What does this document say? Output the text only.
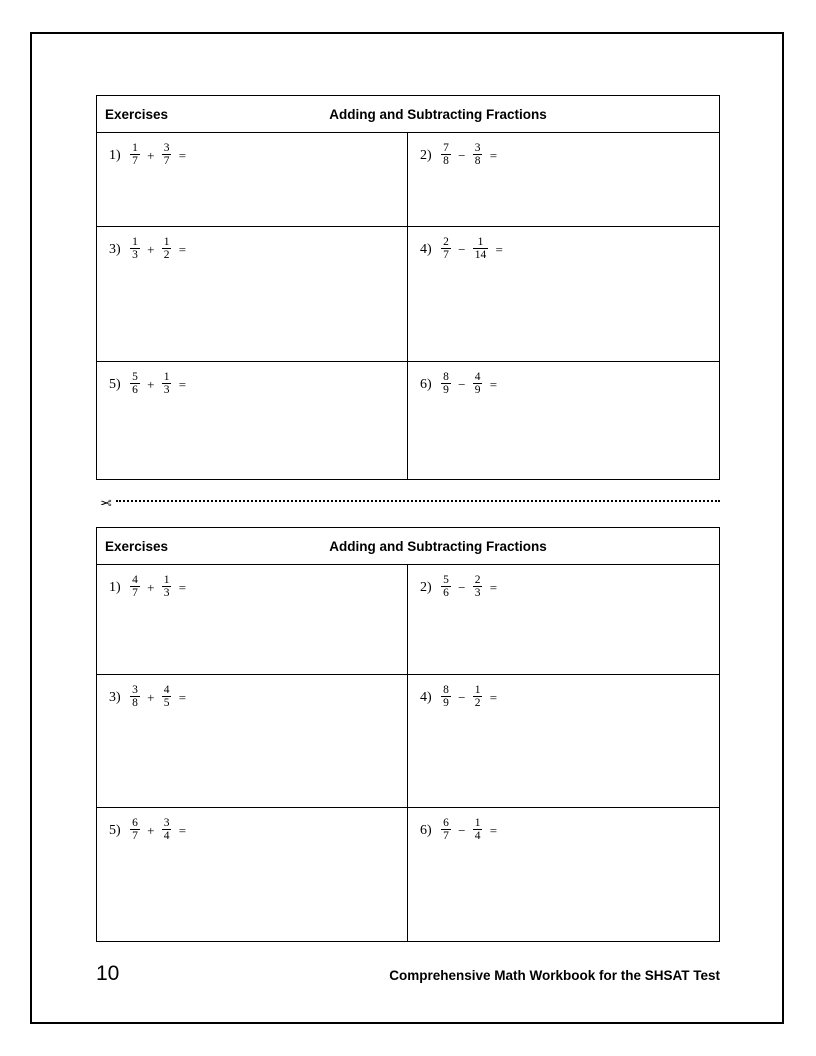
Exercises	Adding and Subtracting Fractions
$1) \frac{1}{7} + \frac{3}{7}$ =	$2) \frac{7}{8} - \frac{3}{8}$ =
$3) \frac{1}{3} + \frac{1}{2}$ =	$4) \frac{2}{7} - \frac{1}{14}$ =
$5) \frac{5}{6} + \frac{1}{3}$ =	$6) \frac{8}{9} - \frac{4}{9}$ =
✂
Exercises	Adding and Subtracting Fractions
$1) \frac{4}{7} + \frac{1}{3}$ =	$2) \frac{5}{6} - \frac{2}{3}$ =
$3) \frac{3}{8} + \frac{4}{5}$ =	$4) \frac{8}{9} - \frac{1}{2}$ =
$5) \frac{6}{7} + \frac{3}{4}$ =	$6) \frac{6}{7} - \frac{1}{4}$ =
10	Comprehensive Math Workbook for the SHSAT Test
